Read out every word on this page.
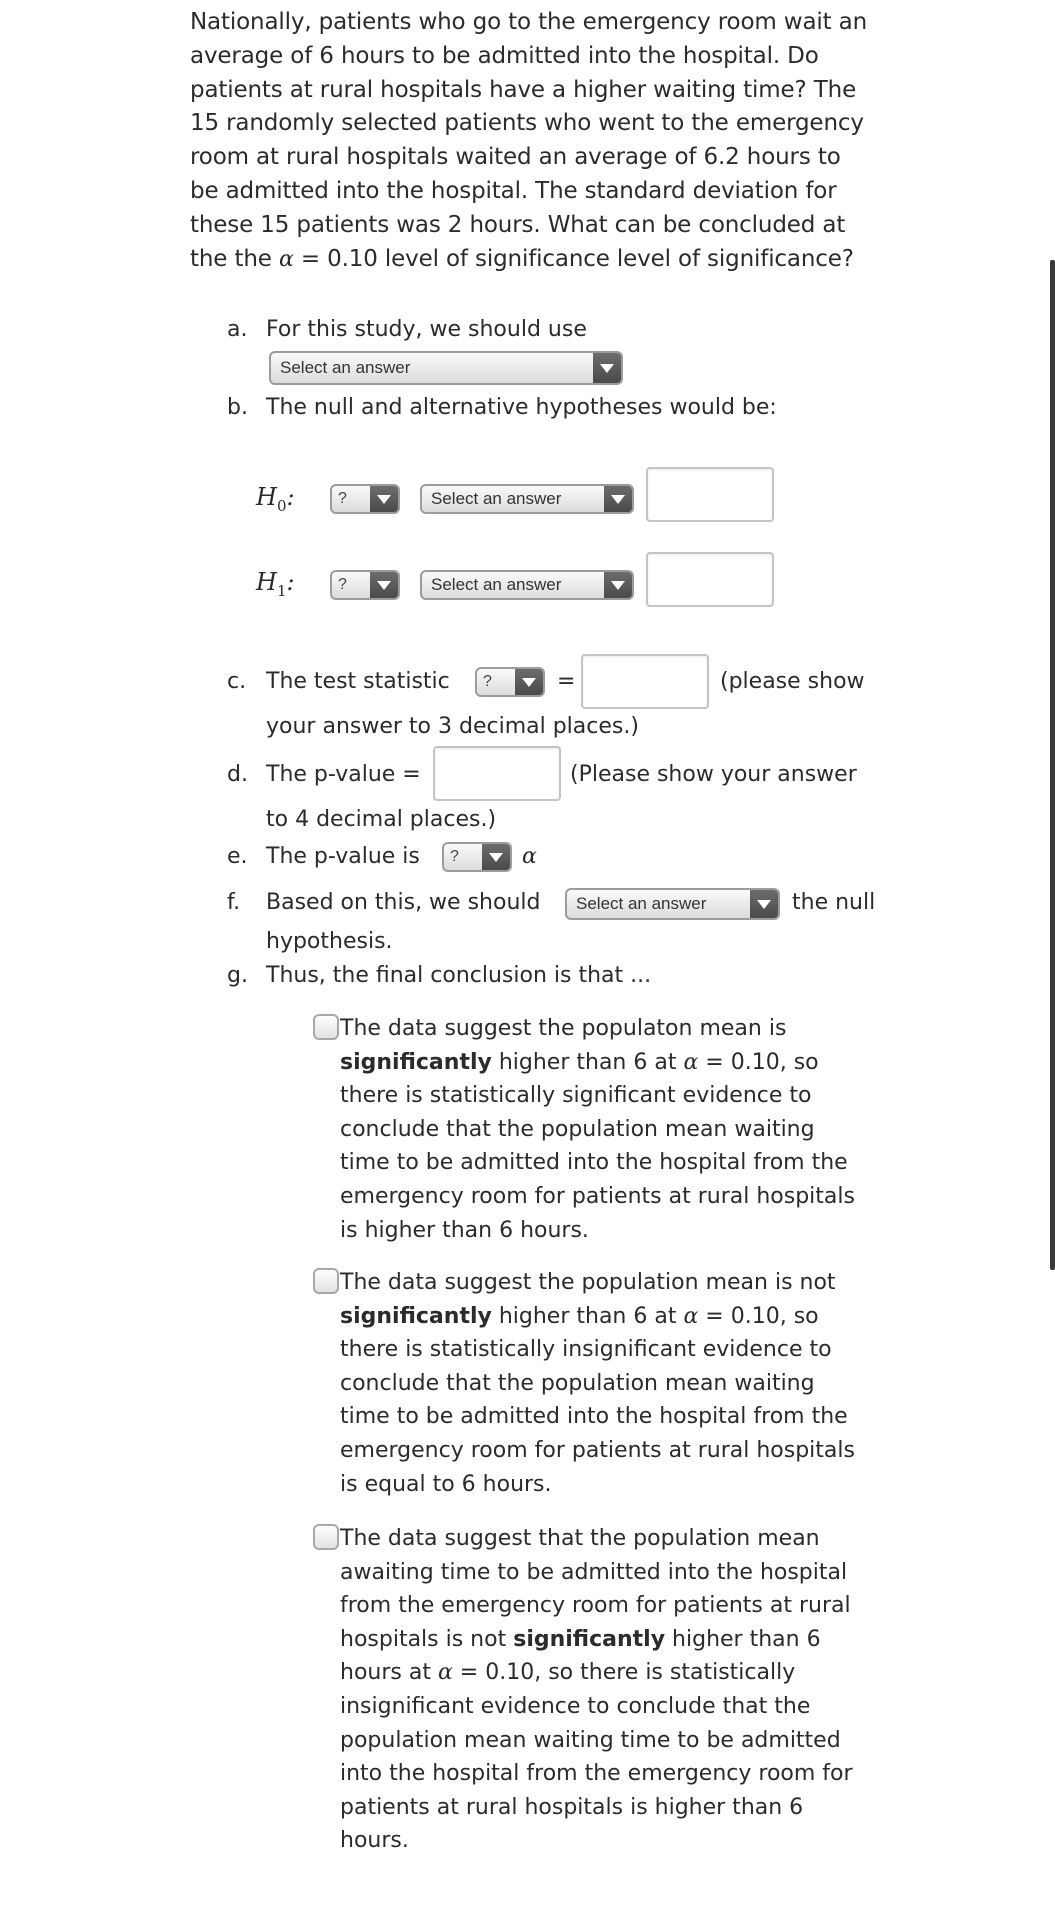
Nationally, patients who go to the emergency room wait an

average of 6 hours to be admitted into the hospital. Do

patients at rural hospitals have a higher waiting time? The

15 randomly selected patients who went to the emergency

room at rural hospitals waited an average of 6.2 hours to

be admitted into the hospital. The standard deviation for

these 15 patients was 2 hours. What can be concluded at

the the α = 0.10 level of significance level of significance?

a. For this study, we should use
Select an answer
b. The null and alternative hypotheses would be:
$H_0$:	?	Select an answer
$H_1$:	?	Select an answer
c. The test statistic	?	=	(please show
your answer to 3 decimal places.)
d. The p-value =	(Please show your answer
to 4 decimal places.)
e. The p-value is	?	α
f. Based on this, we should	Select an answer	the null
hypothesis.
g. Thus, the final conclusion is that ...

The data suggest the populaton mean is

significantly higher than 6 at α = 0.10, so

there is statistically significant evidence to

conclude that the population mean waiting

time to be admitted into the hospital from the

emergency room for patients at rural hospitals

is higher than 6 hours.

The data suggest the population mean is not

significantly higher than 6 at α = 0.10, so

there is statistically insignificant evidence to

conclude that the population mean waiting

time to be admitted into the hospital from the

emergency room for patients at rural hospitals

is equal to 6 hours.

The data suggest that the population mean

awaiting time to be admitted into the hospital

from the emergency room for patients at rural

hospitals is not significantly higher than 6

hours at α = 0.10, so there is statistically

insignificant evidence to conclude that the

population mean waiting time to be admitted

into the hospital from the emergency room for

patients at rural hospitals is higher than 6

hours.
